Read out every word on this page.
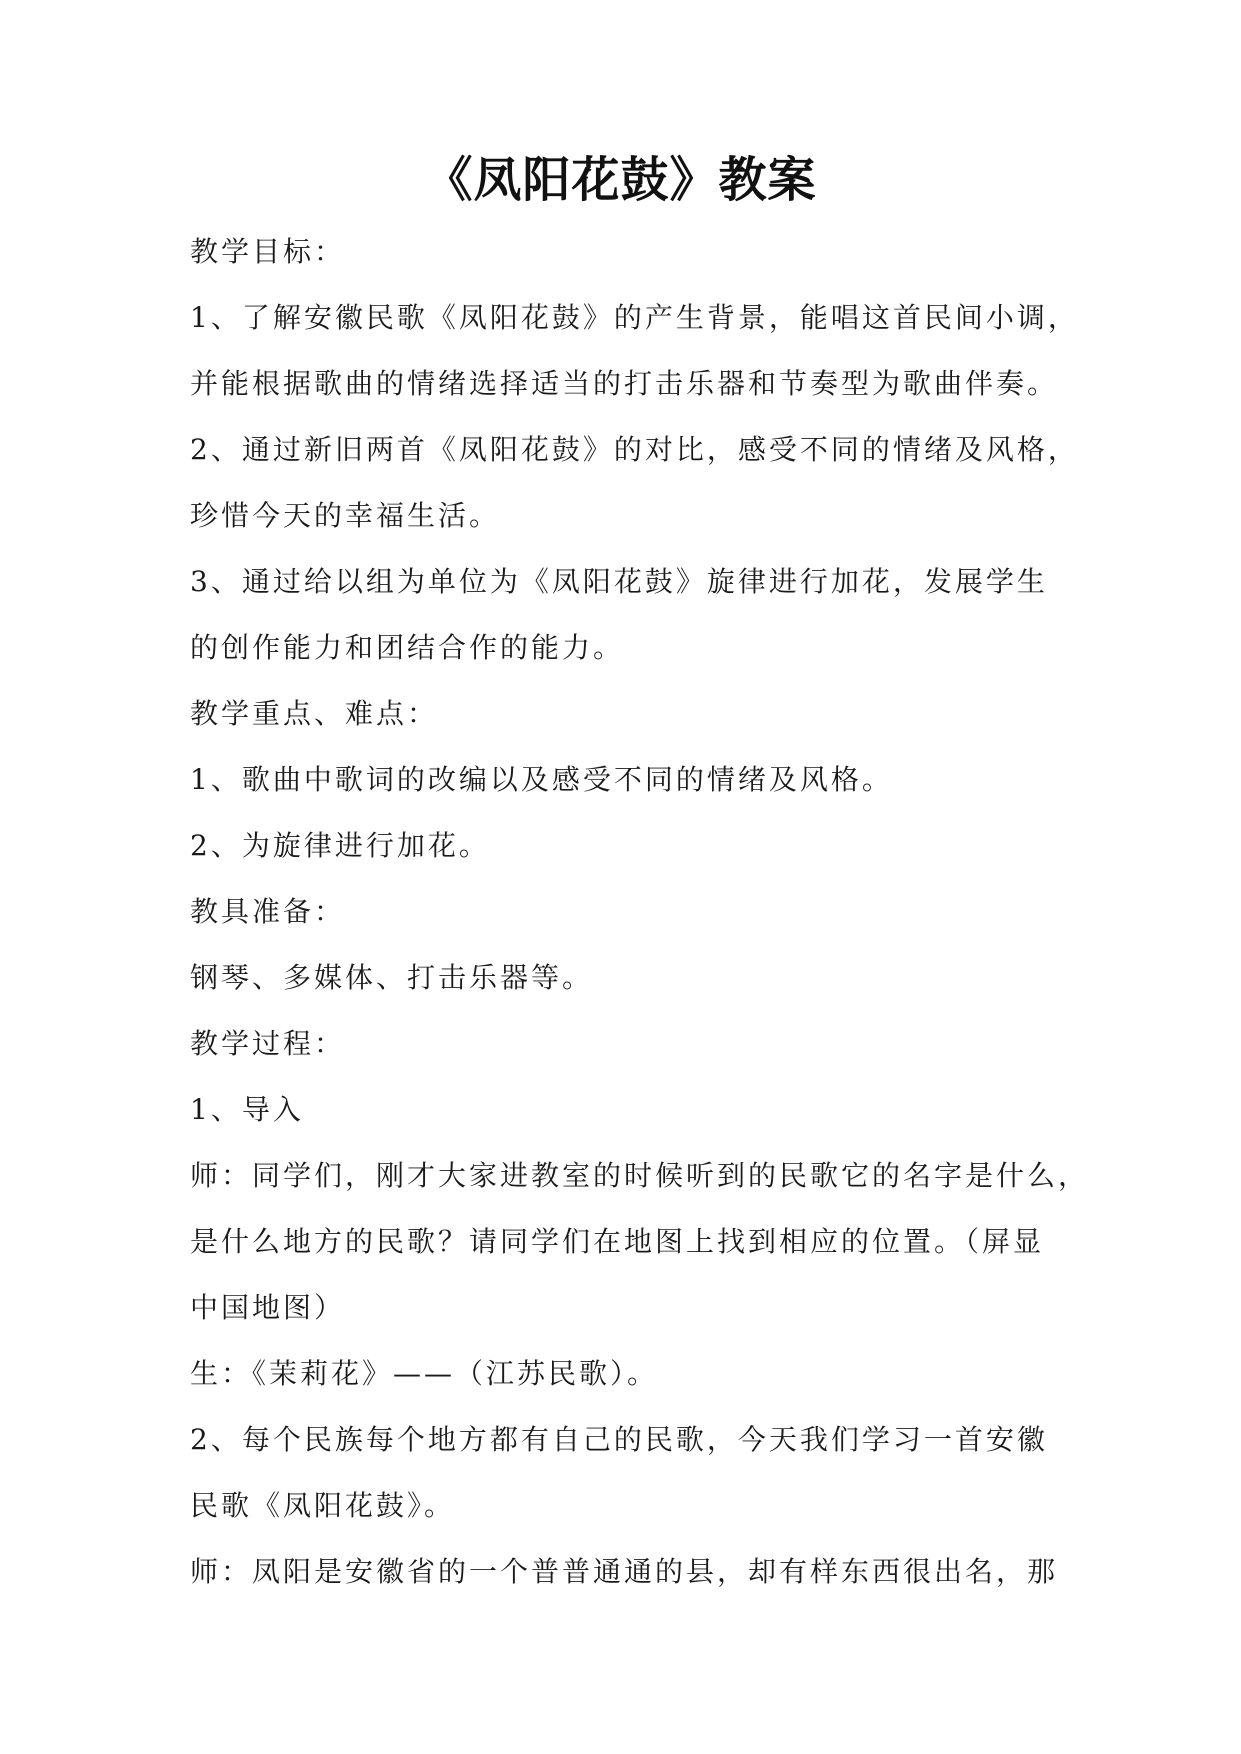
《凤阳花鼓》教案

教学目标：

1、了解安徽民歌《凤阳花鼓》的产生背景，能唱这首民间小调，

并能根据歌曲的情绪选择适当的打击乐器和节奏型为歌曲伴奏。

2、通过新旧两首《凤阳花鼓》的对比，感受不同的情绪及风格，

珍惜今天的幸福生活。

3、通过给以组为单位为《凤阳花鼓》旋律进行加花，发展学生

的创作能力和团结合作的能力。

教学重点、难点：

1、歌曲中歌词的改编以及感受不同的情绪及风格。

2、为旋律进行加花。

教具准备：

钢琴、多媒体、打击乐器等。

教学过程：

1、导入

师：同学们，刚才大家进教室的时候听到的民歌它的名字是什么，

是什么地方的民歌？请同学们在地图上找到相应的位置。（屏显

中国地图）

生：《茉莉花》——（江苏民歌）。

2、每个民族每个地方都有自己的民歌，今天我们学习一首安徽

民歌《凤阳花鼓》。

师：凤阳是安徽省的一个普普通通的县，却有样东西很出名，那
